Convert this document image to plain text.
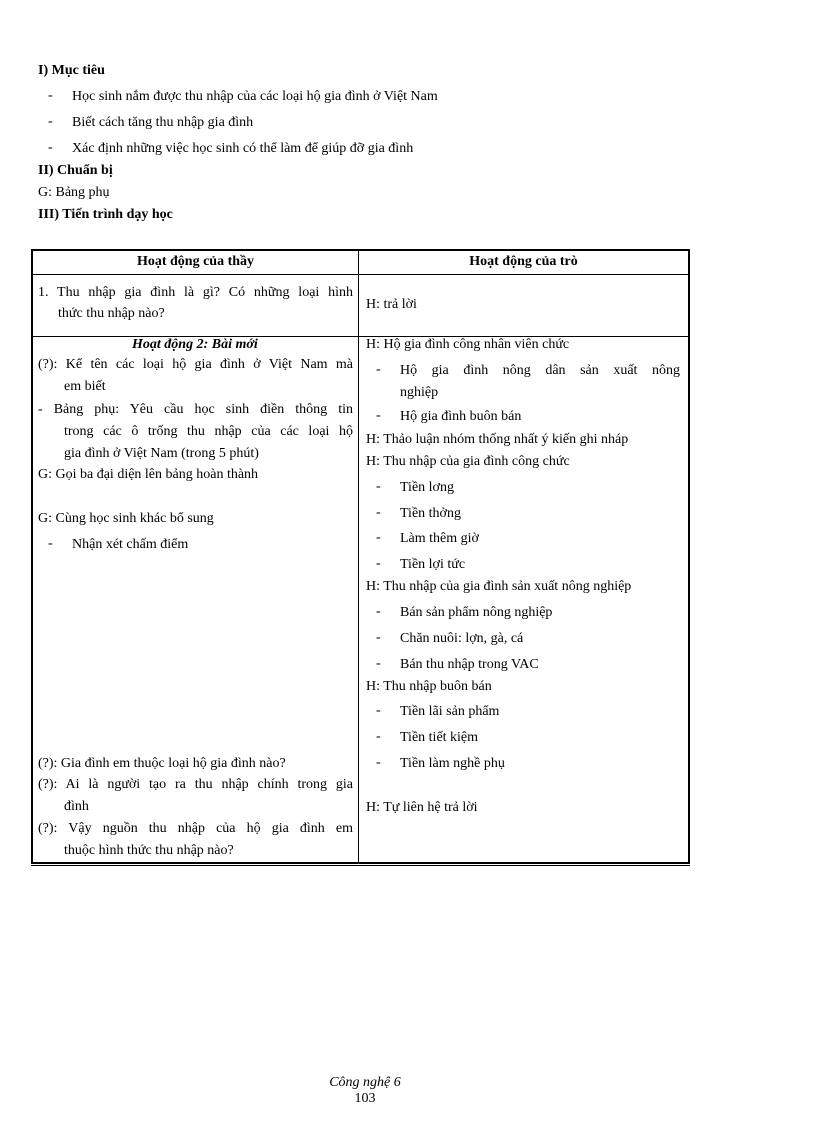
I) Mục tiêu
- Học sinh nắm được thu nhập của các loại hộ gia đình ở Việt Nam
- Biết cách tăng thu nhập gia đình
- Xác định những việc học sinh có thể làm để giúp đỡ gia đình
II) Chuẩn bị
G: Bảng phụ
III) Tiến trình dạy học
Hoạt động của thầy	Hoạt động của trò
1. Thu nhập gia đình là gì? Có những loại hình
thức thu nhập nào?
H: trả lời
Hoạt động 2: Bài mới
(?): Kể tên các loại hộ gia đình ở Việt Nam mà
em biết
- Bảng phụ: Yêu cầu học sinh điền thông tin
trong các ô trống thu nhập của các loại hộ
gia đình ở Việt Nam (trong 5 phút)
G: Gọi ba đại diện lên bảng hoàn thành
G: Cùng học sinh khác bổ sung
- Nhận xét chấm điểm
(?): Gia đình em thuộc loại hộ gia đình nào?
(?): Ai là người tạo ra thu nhập chính trong gia
đình
(?): Vậy nguồn thu nhập của hộ gia đình em
thuộc hình thức thu nhập nào?
H: Hộ gia đình công nhân viên chức
- Hộ gia đình nông dân sản xuất nông
nghiệp
- Hộ gia đình buôn bán
H: Thảo luận nhóm thống nhất ý kiến ghi nháp
H: Thu nhập của gia đình công chức
- Tiền lơng
- Tiền thởng
- Làm thêm giờ
- Tiền lợi tức
H: Thu nhập của gia đình sản xuất nông nghiệp
- Bán sản phẩm nông nghiệp
- Chăn nuôi: lợn, gà, cá
- Bán thu nhập trong VAC
H: Thu nhập buôn bán
- Tiền lãi sản phẩm
- Tiền tiết kiệm
- Tiền làm nghề phụ
H: Tự liên hệ trả lời
Công nghệ 6
103
